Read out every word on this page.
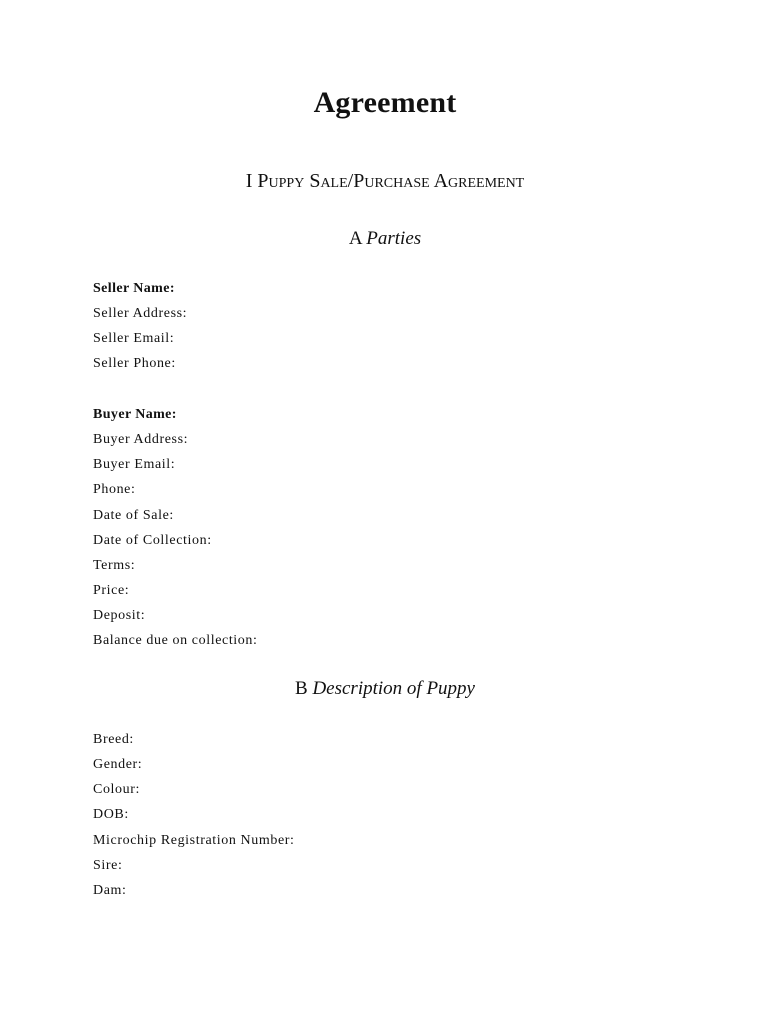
Agreement
I Puppy Sale/Purchase Agreement
A Parties
Seller Name:
Seller Address:
Seller Email:
Seller Phone:
Buyer Name:
Buyer Address:
Buyer Email:
Phone:
Date of Sale:
Date of Collection:
Terms:
Price:
Deposit:
Balance due on collection:
B Description of Puppy
Breed:
Gender:
Colour:
DOB:
Microchip Registration Number:
Sire:
Dam:
